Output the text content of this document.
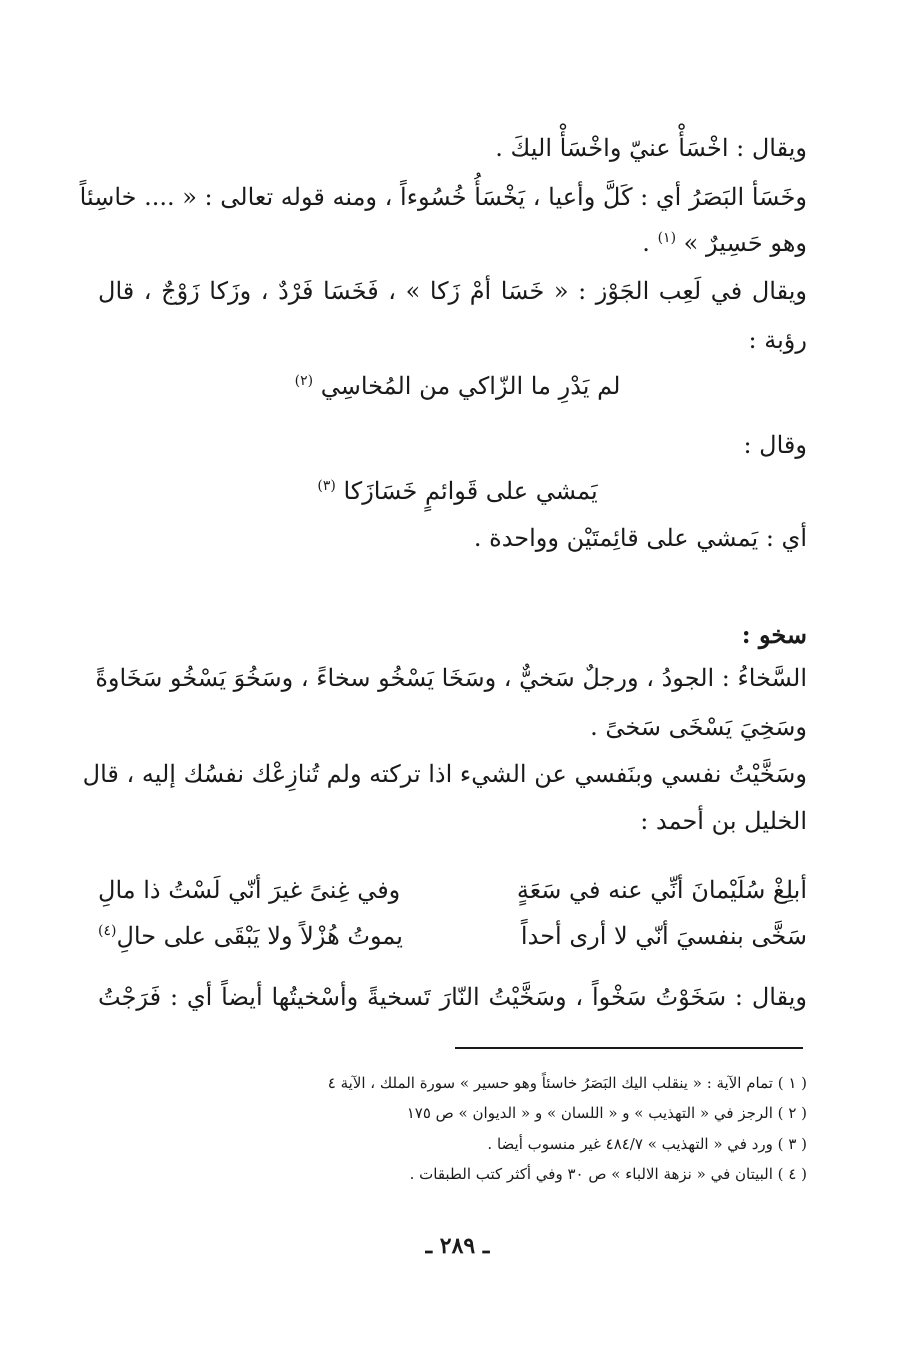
ويقال : اخْسَأْ عنيّ واخْسَأْ اليكَ .
وخَسَأ البَصَرُ أي : كَلَّ وأعيا ، يَخْسَأُ خُسُوءاً ، ومنه قوله تعالى : « .... خاسِئاً
وهو حَسِيرٌ » $^{(١)}$ .
ويقال في لَعِب الجَوْز : « خَسَا أمْ زَكا » ، فَخَسَا فَرْدٌ ، وزَكا زَوْجٌ ، قال
رؤبة :
لم يَدْرِ ما الزّاكي من المُخاسِي $^{(٢)}$
وقال :
يَمشي على قَوائمٍ خَسَازَكا $^{(٣)}$
أي : يَمشي على قائِمتَيْن وواحدة .
سخو :
السَّخاءُ : الجودُ ، ورجلٌ سَخيٌّ ، وسَخَا يَسْخُو سخاءً ، وسَخُوَ يَسْخُو سَخَاوةً
وسَخِيَ يَسْخَى سَخىً .
وسَخَّيْتُ نفسي وبنَفسي عن الشيء اذا تركته ولم تُنازِعْك نفسُك إليه ، قال
الخليل بن أحمد :
أبلِغْ سُلَيْمانَ أنِّي عنه في سَعَةٍ
وفي غِنىً غيرَ أنّي لَسْتُ ذا مالِ
سَخَّى بنفسيَ أنّي لا أرى أحداً
يموتُ هُزْلاً ولا يَبْقَى على حالِ$^{(٤)}$
ويقال : سَخَوْتُ سَخْواً ، وسَخَّيْتُ النّارَ تَسخيةً وأسْخيتُها أيضاً أي : فَرَجْتُ
( ١ ) تمام الآية : « ينقلب اليك البَصَرُ خاسئاً وهو حسير » سورة الملك ، الآية ٤
( ٢ ) الرجز في « التهذيب » و « اللسان » و « الديوان » ص ١٧٥
( ٣ ) ورد في « التهذيب » ٤٨٤/٧ غير منسوب أيضا .
( ٤ ) البيتان في « نزهة الالباء » ص ٣٠ وفي أكثر كتب الطبقات .
ـ ٢٨٩ ـ
